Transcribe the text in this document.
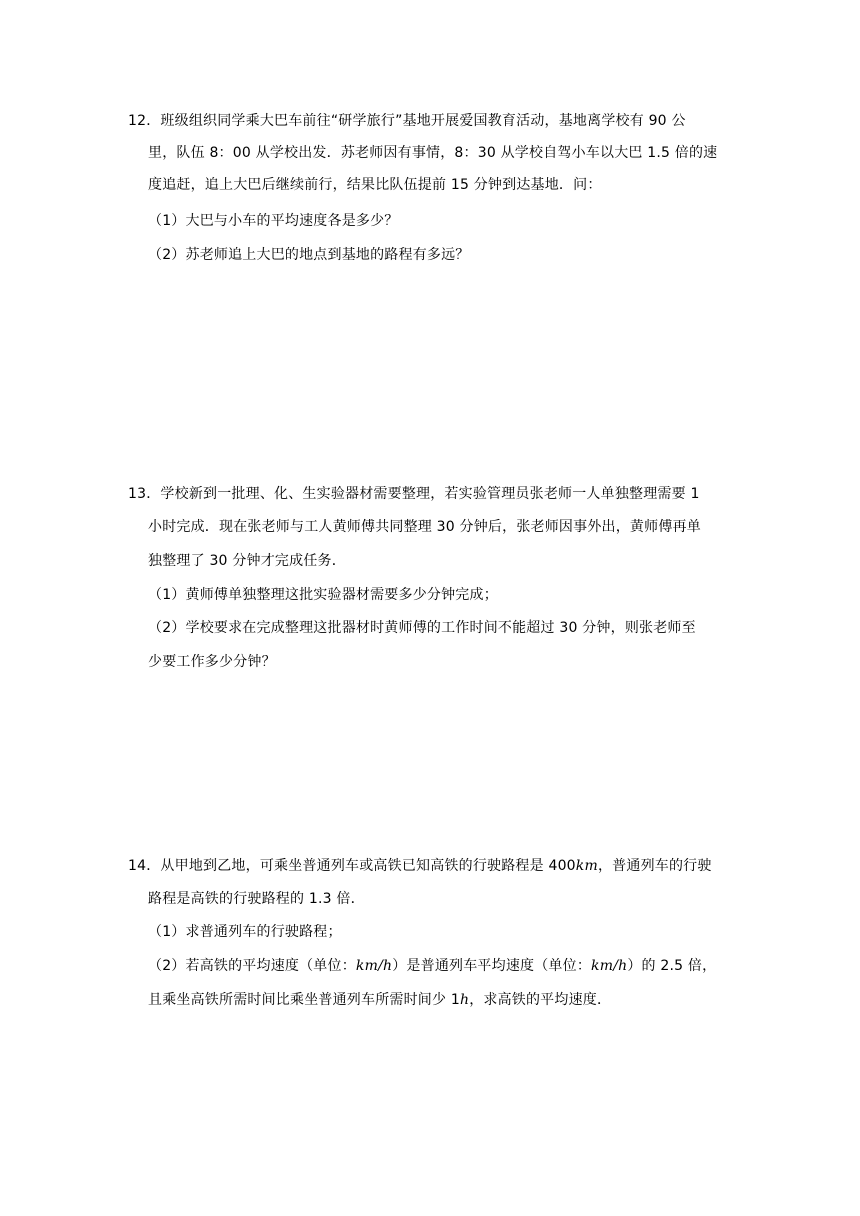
12．班级组织同学乘大巴车前往“研学旅行”基地开展爱国教育活动，基地离学校有 90 公
里，队伍 8：00 从学校出发．苏老师因有事情，8：30 从学校自驾小车以大巴 1.5 倍的速
度追赶，追上大巴后继续前行，结果比队伍提前 15 分钟到达基地．问：
（1）大巴与小车的平均速度各是多少？
（2）苏老师追上大巴的地点到基地的路程有多远？
13．学校新到一批理、化、生实验器材需要整理，若实验管理员张老师一人单独整理需要 1
小时完成．现在张老师与工人黄师傅共同整理 30 分钟后，张老师因事外出，黄师傅再单
独整理了 30 分钟才完成任务．
（1）黄师傅单独整理这批实验器材需要多少分钟完成；
（2）学校要求在完成整理这批器材时黄师傅的工作时间不能超过 30 分钟，则张老师至
少要工作多少分钟？
14．从甲地到乙地，可乘坐普通列车或高铁已知高铁的行驶路程是 400km，普通列车的行驶
路程是高铁的行驶路程的 1.3 倍．
（1）求普通列车的行驶路程；
（2）若高铁的平均速度（单位：km/h）是普通列车平均速度（单位：km/h）的 2.5 倍，
且乘坐高铁所需时间比乘坐普通列车所需时间少 1h，求高铁的平均速度．
